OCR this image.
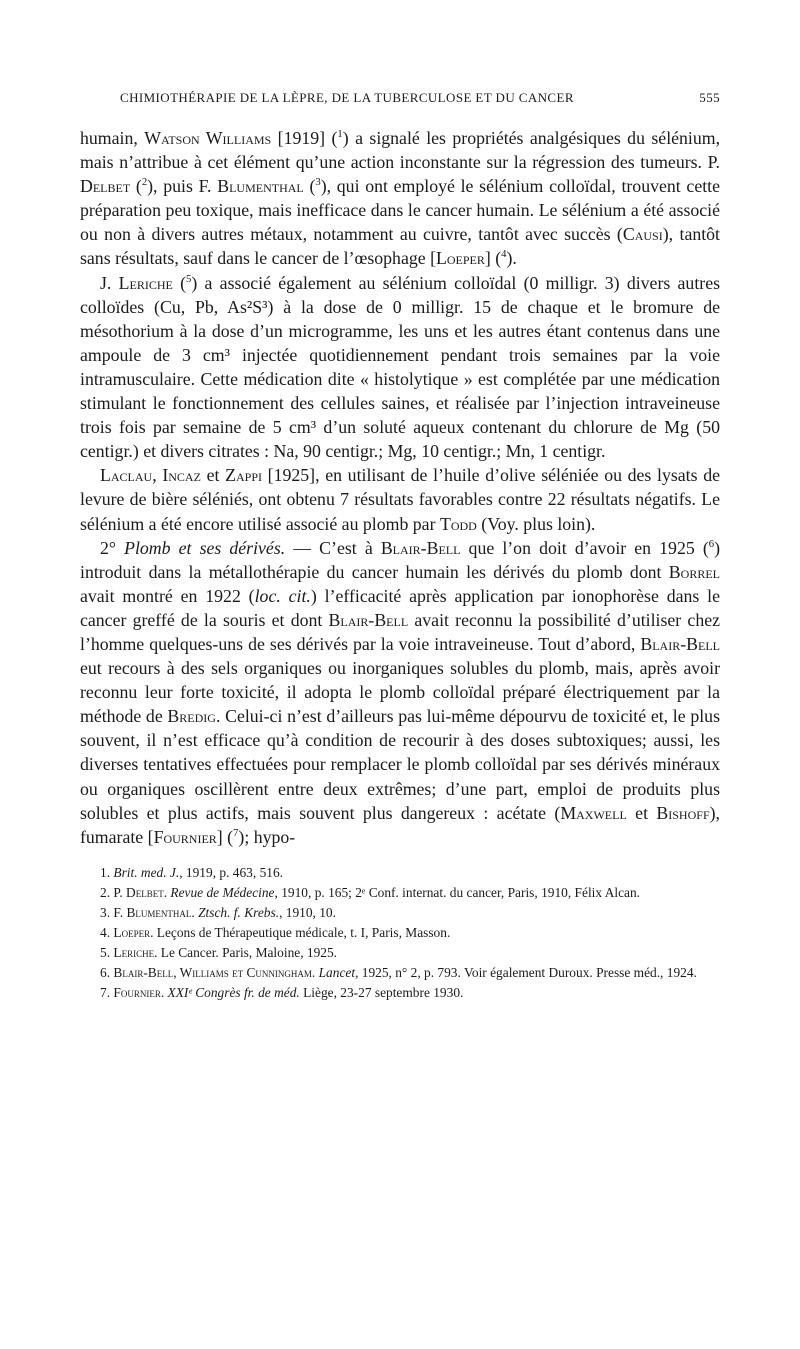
CHIMIOTHÉRAPIE DE LA LÈPRE, DE LA TUBERCULOSE ET DU CANCER	555

humain, Watson Williams [1919] ($^1$) a signalé les propriétés analgésiques du sélénium, mais n’attribue à cet élément qu’une action inconstante sur la régression des tumeurs. P. Delbet ($^2$), puis F. Blumenthal ($^3$), qui ont employé le sélénium colloïdal, trouvent cette préparation peu toxique, mais inefficace dans le cancer humain. Le sélénium a été associé ou non à divers autres métaux, notamment au cuivre, tantôt avec succès (Causi), tantôt sans résultats, sauf dans le cancer de l’œsophage [Loeper] ($^4$).

J. Leriche ($^5$) a associé également au sélénium colloïdal (0 milligr. 3) divers autres colloïdes (Cu, Pb, As²S³) à la dose de 0 milligr. 15 de chaque et le bromure de mésothorium à la dose d’un microgramme, les uns et les autres étant contenus dans une ampoule de 3 cm³ injectée quotidiennement pendant trois semaines par la voie intramusculaire. Cette médication dite « histolytique » est complétée par une médication stimulant le fonctionnement des cellules saines, et réalisée par l’injection intraveineuse trois fois par semaine de 5 cm³ d’un soluté aqueux contenant du chlorure de Mg (50 centigr.) et divers citrates : Na, 90 centigr.; Mg, 10 centigr.; Mn, 1 centigr.

Laclau, Incaz et Zappi [1925], en utilisant de l’huile d’olive séléniée ou des lysats de levure de bière séléniés, ont obtenu 7 résultats favorables contre 22 résultats négatifs. Le sélénium a été encore utilisé associé au plomb par Todd (Voy. plus loin).

2° Plomb et ses dérivés. — C’est à Blair-Bell que l’on doit d’avoir en 1925 ($^6$) introduit dans la métallothérapie du cancer humain les dérivés du plomb dont Borrel avait montré en 1922 (loc. cit.) l’efficacité après application par ionophorèse dans le cancer greffé de la souris et dont Blair-Bell avait reconnu la possibilité d’utiliser chez l’homme quelques-uns de ses dérivés par la voie intraveineuse. Tout d’abord, Blair-Bell eut recours à des sels organiques ou inorganiques solubles du plomb, mais, après avoir reconnu leur forte toxicité, il adopta le plomb colloïdal préparé électriquement par la méthode de Bredig. Celui-ci n’est d’ailleurs pas lui-même dépourvu de toxicité et, le plus souvent, il n’est efficace qu’à condition de recourir à des doses subtoxiques; aussi, les diverses tentatives effectuées pour remplacer le plomb colloïdal par ses dérivés minéraux ou organiques oscillèrent entre deux extrêmes; d’une part, emploi de produits plus solubles et plus actifs, mais souvent plus dangereux : acétate (Maxwell et Bishoff), fumarate [Fournier] ($^7$); hypo-

1. Brit. med. J., 1919, p. 463, 516.

2. P. Delbet. Revue de Médecine, 1910, p. 165; 2ᵉ Conf. internat. du cancer, Paris, 1910, Félix Alcan.

3. F. Blumenthal. Ztsch. f. Krebs., 1910, 10.

4. Loeper. Leçons de Thérapeutique médicale, t. I, Paris, Masson.

5. Leriche. Le Cancer. Paris, Maloine, 1925.

6. Blair-Bell, Williams et Cunningham. Lancet, 1925, n° 2, p. 793. Voir également Duroux. Presse méd., 1924.

7. Fournier. XXIᵉ Congrès fr. de méd. Liège, 23-27 septembre 1930.
